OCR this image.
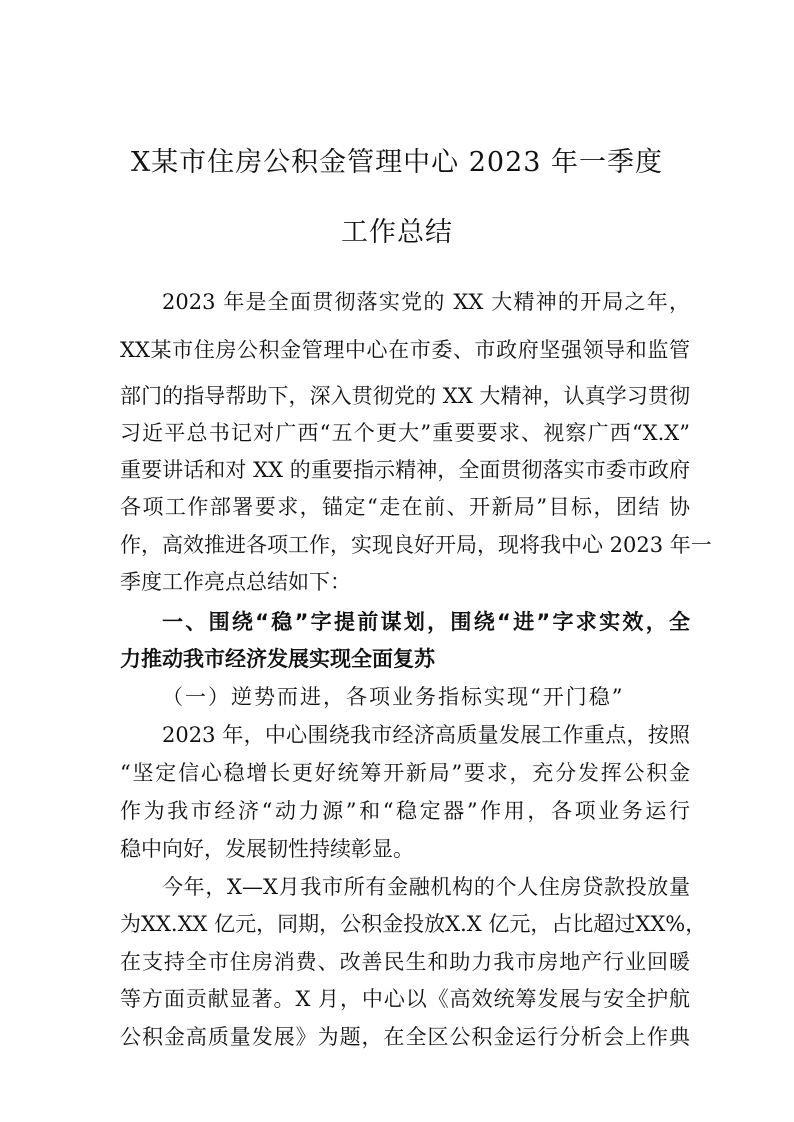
X某市住房公积金管理中心 2023 年一季度
工作总结
2023 年是全面贯彻落实党的 XX 大精神的开局之年，
XX某市住房公积金管理中心在市委、市政府坚强领导和监管
部门的指导帮助下，深入贯彻党的 XX 大精神，认真学习贯彻
习近平总书记对广西“五个更大”重要要求、视察广西“X.X”
重要讲话和对 XX 的重要指示精神，全面贯彻落实市委市政府
各项工作部署要求，锚定“走在前、开新局”目标，团结 协
作，高效推进各项工作，实现良好开局，现将我中心 2023 年一
季度工作亮点总结如下：
一、围绕“稳”字提前谋划，围绕“进”字求实效，全
力推动我市经济发展实现全面复苏
（一）逆势而进，各项业务指标实现“开门稳”
2023 年，中心围绕我市经济高质量发展工作重点，按照
“坚定信心稳增长更好统筹开新局”要求，充分发挥公积金
作为我市经济“动力源”和“稳定器”作用，各项业务运行
稳中向好，发展韧性持续彰显。
今年，X—X月我市所有金融机构的个人住房贷款投放量
为XX.XX 亿元，同期，公积金投放X.X 亿元，占比超过XX%，
在支持全市住房消费、改善民生和助力我市房地产行业回暖
等方面贡献显著。X 月，中心以《高效统筹发展与安全护航
公积金高质量发展》为题，在全区公积金运行分析会上作典
